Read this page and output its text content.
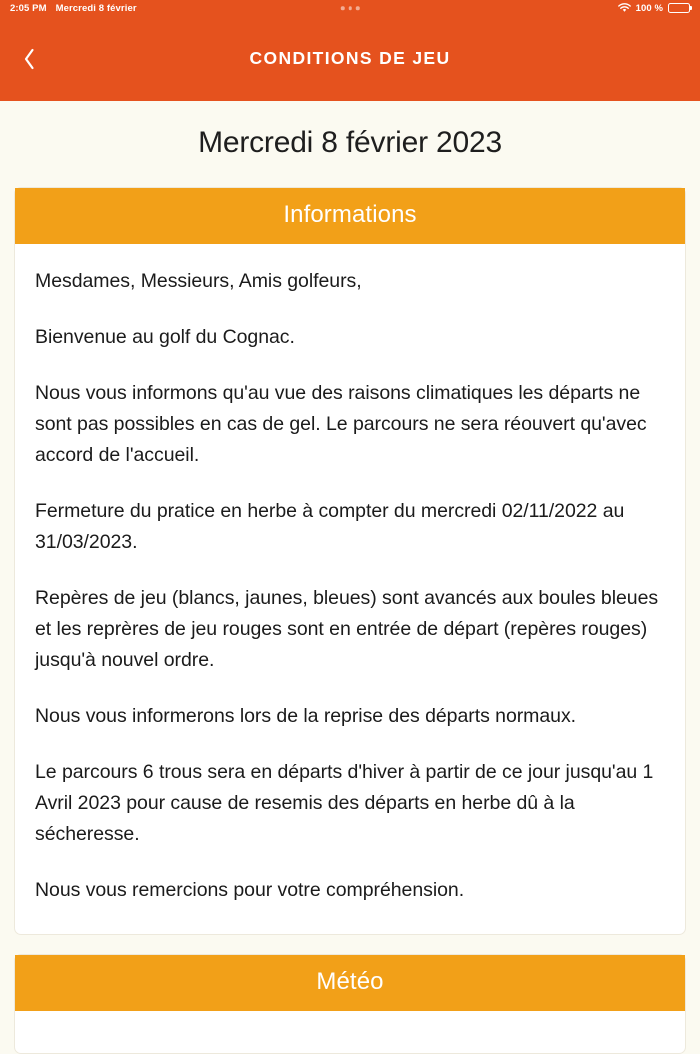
2:05 PM Mercredi 8 février	100 %
CONDITIONS DE JEU
Mercredi 8 février 2023
Informations

Mesdames, Messieurs, Amis golfeurs,

Bienvenue au golf du Cognac.

Nous vous informons qu'au vue des raisons climatiques les départs ne sont pas possibles en cas de gel. Le parcours ne sera réouvert qu'avec accord de l'accueil.

Fermeture du pratice en herbe à compter du mercredi 02/11/2022 au 31/03/2023.

Repères de jeu (blancs, jaunes, bleues) sont avancés aux boules bleues et les reprères de jeu rouges sont en entrée de départ (repères rouges) jusqu'à nouvel ordre.

Nous vous informerons lors de la reprise des départs normaux.

Le parcours 6 trous sera en départs d'hiver à partir de ce jour jusqu'au 1 Avril 2023 pour cause de resemis des départs en herbe dû à la sécheresse.

Nous vous remercions pour votre compréhension.

Météo
